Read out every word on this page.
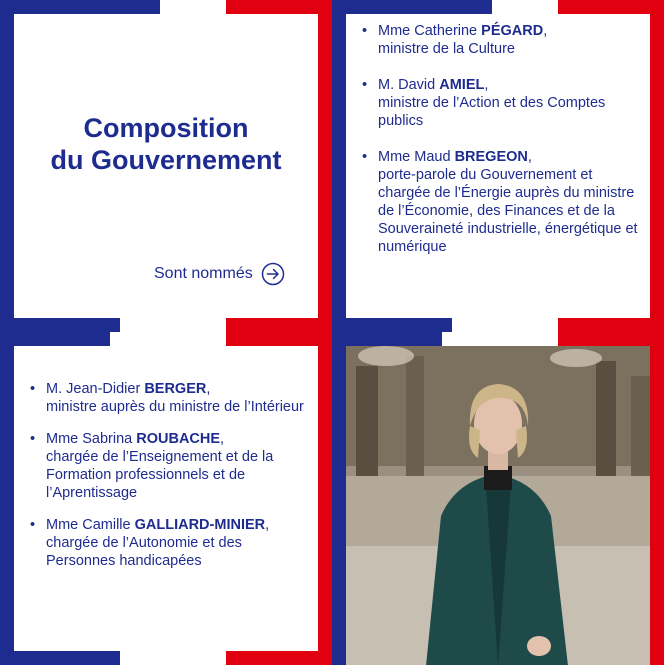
Composition
du Gouvernement
Sont nommés
• Mme Catherine PÉGARD,
ministre de la Culture
• M. David AMIEL,
ministre de l’Action et des Comptes publics
• Mme Maud BREGEON,
porte-parole du Gouvernement et chargée de l’Énergie auprès du ministre de l’Économie, des Finances et de la Souveraineté industrielle, énergétique et numérique
• M. Jean-Didier BERGER,
ministre auprès du ministre de l’Intérieur
• Mme Sabrina ROUBACHE,
chargée de l’Enseignement et de la Formation professionnels et de l’Aprentissage
• Mme Camille GALLIARD-MINIER,
chargée de l’Autonomie et des Personnes handicapées
